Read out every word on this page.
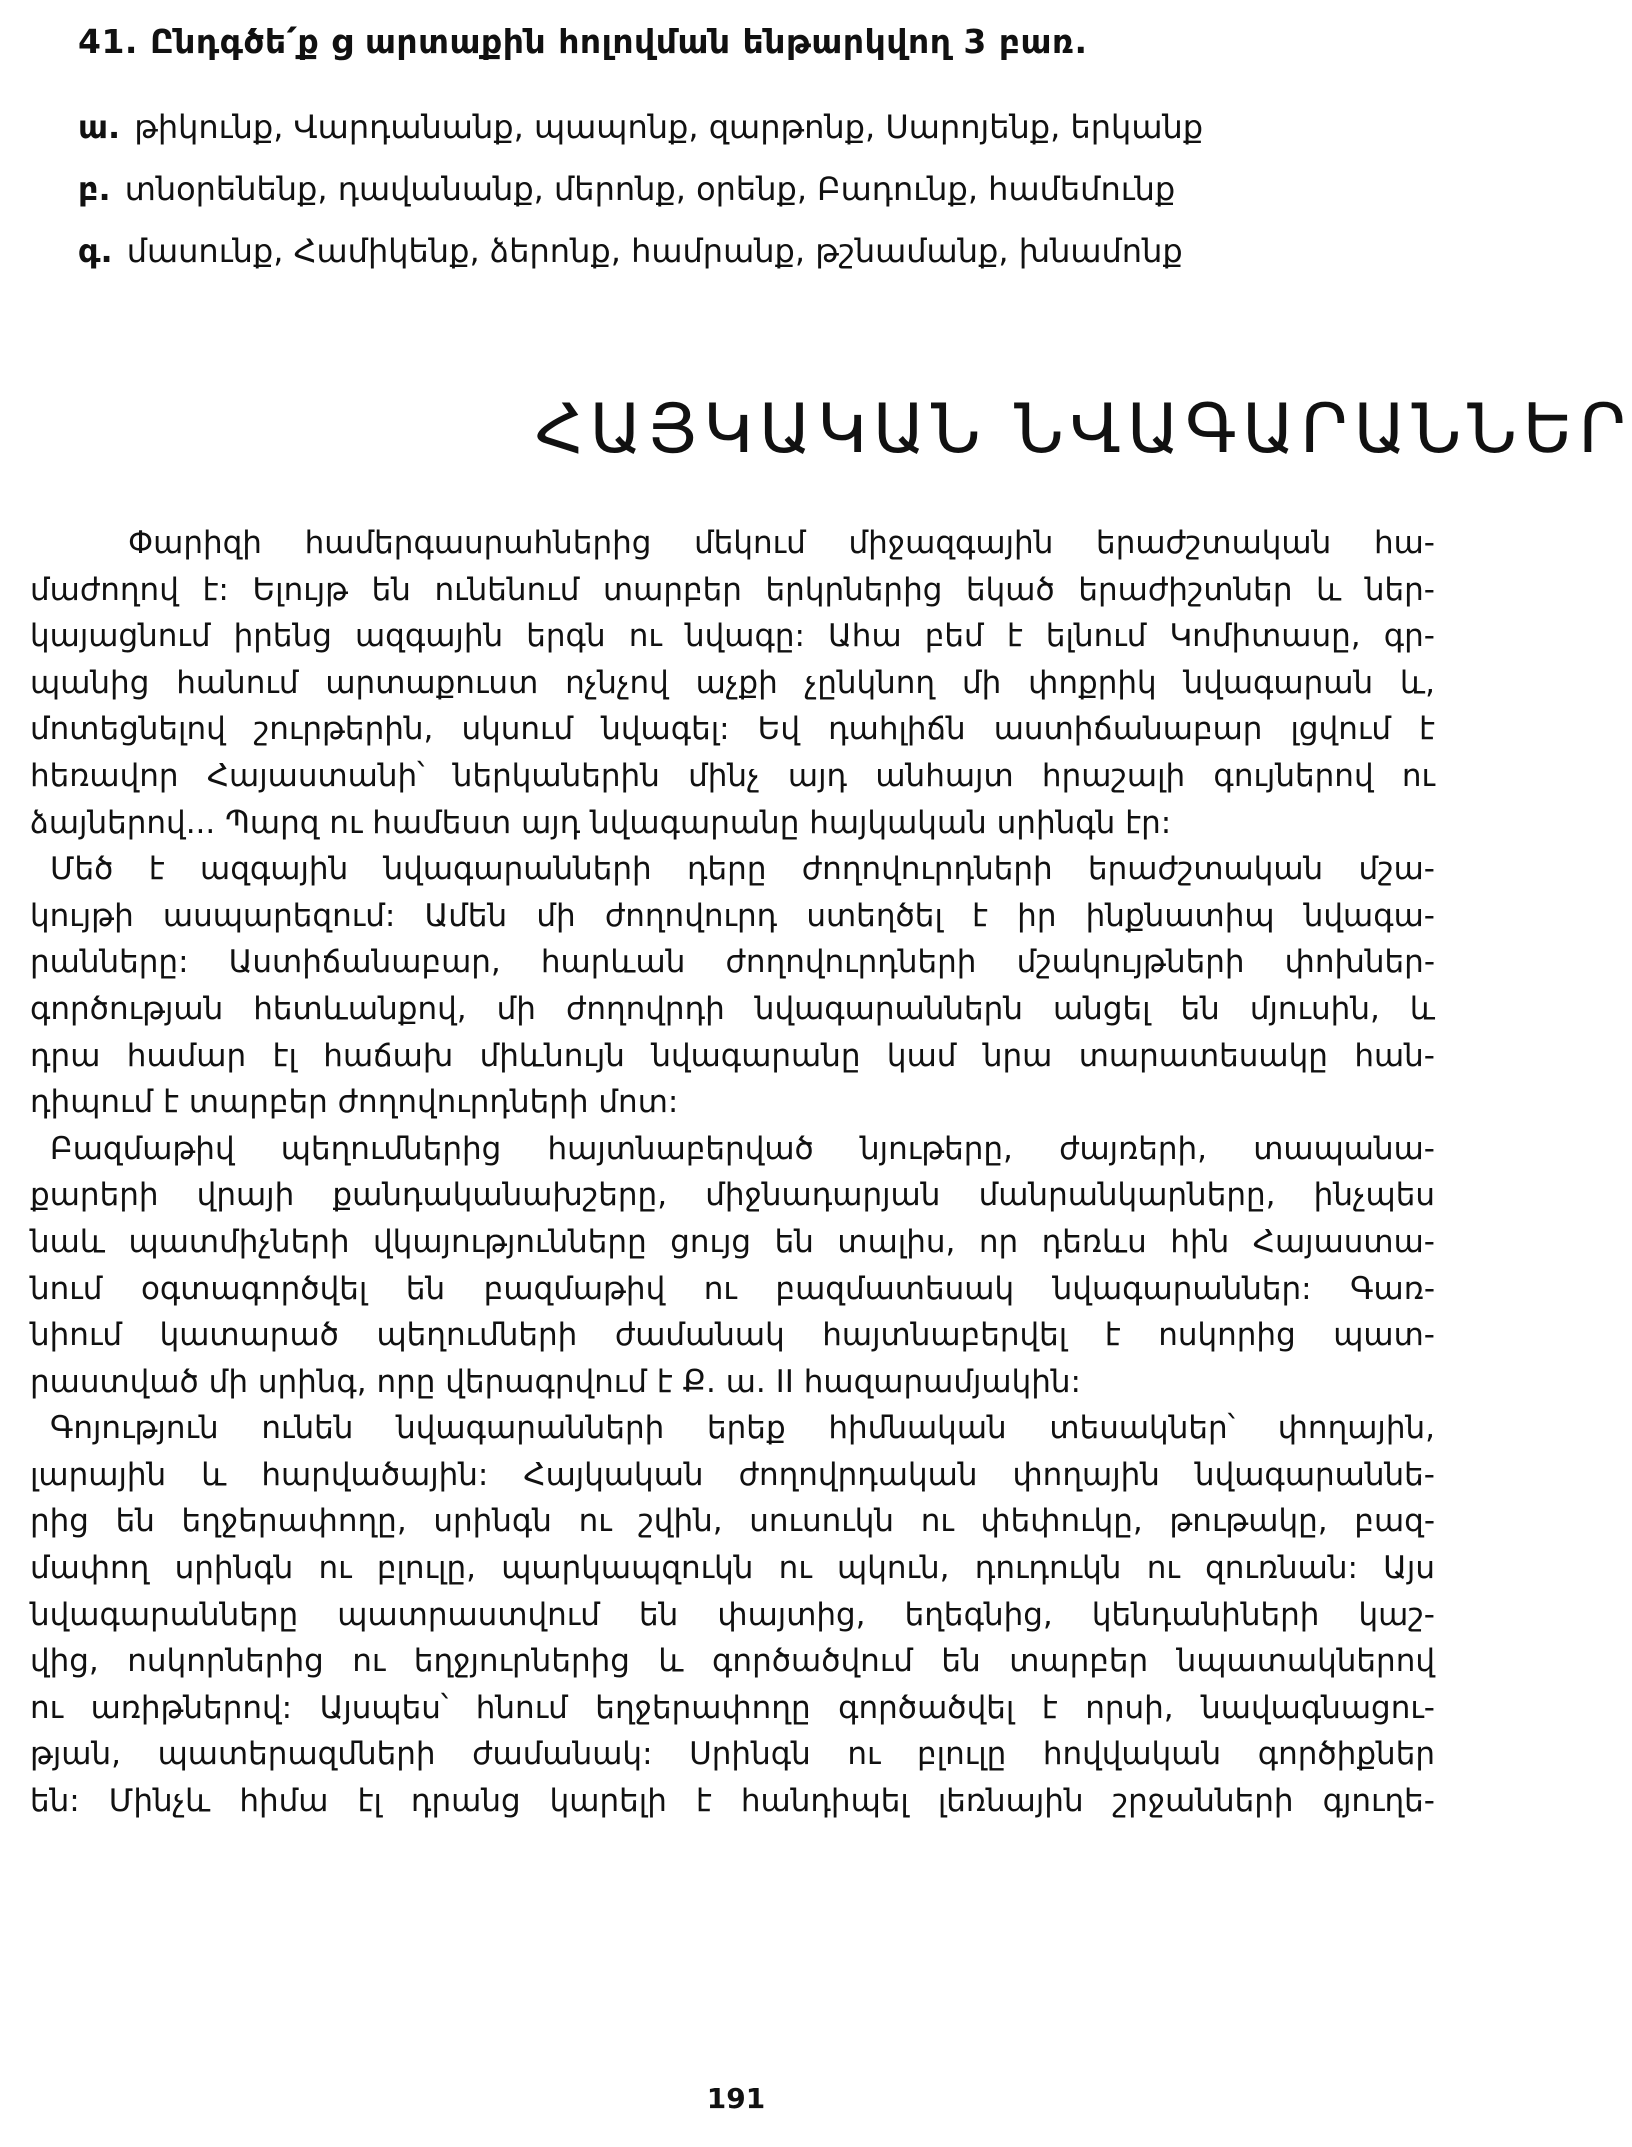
41. Ընդգծե՛ք ց արտաքին հոլովման ենթարկվող 3 բառ.
ա. թիկունք, Վարդանանք, պապոնք, զարթոնք, Սարոյենք, երկանք
բ. տնօրենենք, դավանանք, մերոնք, օրենք, Բադունք, համեմունք
գ. մասունք, Համիկենք, ձերոնք, համրանք, թշնամանք, խնամոնք
ՀԱՅԿԱԿԱՆ ՆՎԱԳԱՐԱՆՆԵՐ
Փարիզի համերգասրահներից մեկում միջազգային երաժշտական հա-
մաժողով է: Ելույթ են ունենում տարբեր երկրներից եկած երաժիշտներ և ներ-
կայացնում իրենց ազգային երգն ու նվագը: Ահա բեմ է ելնում Կոմիտասը, գր-
պանից հանում արտաքուստ ոչնչով աչքի չընկնող մի փոքրիկ նվագարան և,
մոտեցնելով շուրթերին, սկսում նվագել: Եվ դահլիճն աստիճանաբար լցվում է
հեռավոր Հայաստանի՝ ներկաներին մինչ այդ անհայտ հրաշալի գույներով ու
ձայներով... Պարզ ու համեստ այդ նվագարանը հայկական սրինգն էր:
Մեծ է ազգային նվագարանների դերը ժողովուրդների երաժշտական մշա-
կույթի ասպարեզում: Ամեն մի ժողովուրդ ստեղծել է իր ինքնատիպ նվագա-
րանները: Աստիճանաբար, հարևան ժողովուրդների մշակույթների փոխներ-
գործության հետևանքով, մի ժողովրդի նվագարաններն անցել են մյուսին, և
դրա համար էլ հաճախ միևնույն նվագարանը կամ նրա տարատեսակը հան-
դիպում է տարբեր ժողովուրդների մոտ:
Բազմաթիվ պեղումներից հայտնաբերված նյութերը, ժայռերի, տապանա-
քարերի վրայի քանդականախշերը, միջնադարյան մանրանկարները, ինչպես
նաև պատմիչների վկայությունները ցույց են տալիս, որ դեռևս հին Հայաստա-
նում օգտագործվել են բազմաթիվ ու բազմատեսակ նվագարաններ: Գառ-
նիում կատարած պեղումների ժամանակ հայտնաբերվել է ոսկորից պատ-
րաստված մի սրինգ, որը վերագրվում է Ք. ա. II հազարամյակին:
Գոյություն ունեն նվագարանների երեք հիմնական տեսակներ՝ փողային,
լարային և հարվածային: Հայկական ժողովրդական փողային նվագարաննե-
րից են եղջերափողը, սրինգն ու շվին, սուսուկն ու փեփուկը, թութակը, բազ-
մափող սրինգն ու բլուլը, պարկապզուկն ու պկուն, դուդուկն ու զուռնան: Այս
նվագարանները պատրաստվում են փայտից, եղեգնից, կենդանիների կաշ-
վից, ոսկորներից ու եղջյուրներից և գործածվում են տարբեր նպատակներով
ու առիթներով: Այսպես՝ հնում եղջերափողը գործածվել է որսի, նավագնացու-
թյան, պատերազմների ժամանակ: Սրինգն ու բլուլը հովվական գործիքներ
են: Մինչև հիմա էլ դրանց կարելի է հանդիպել լեռնային շրջանների գյուղե-
191
